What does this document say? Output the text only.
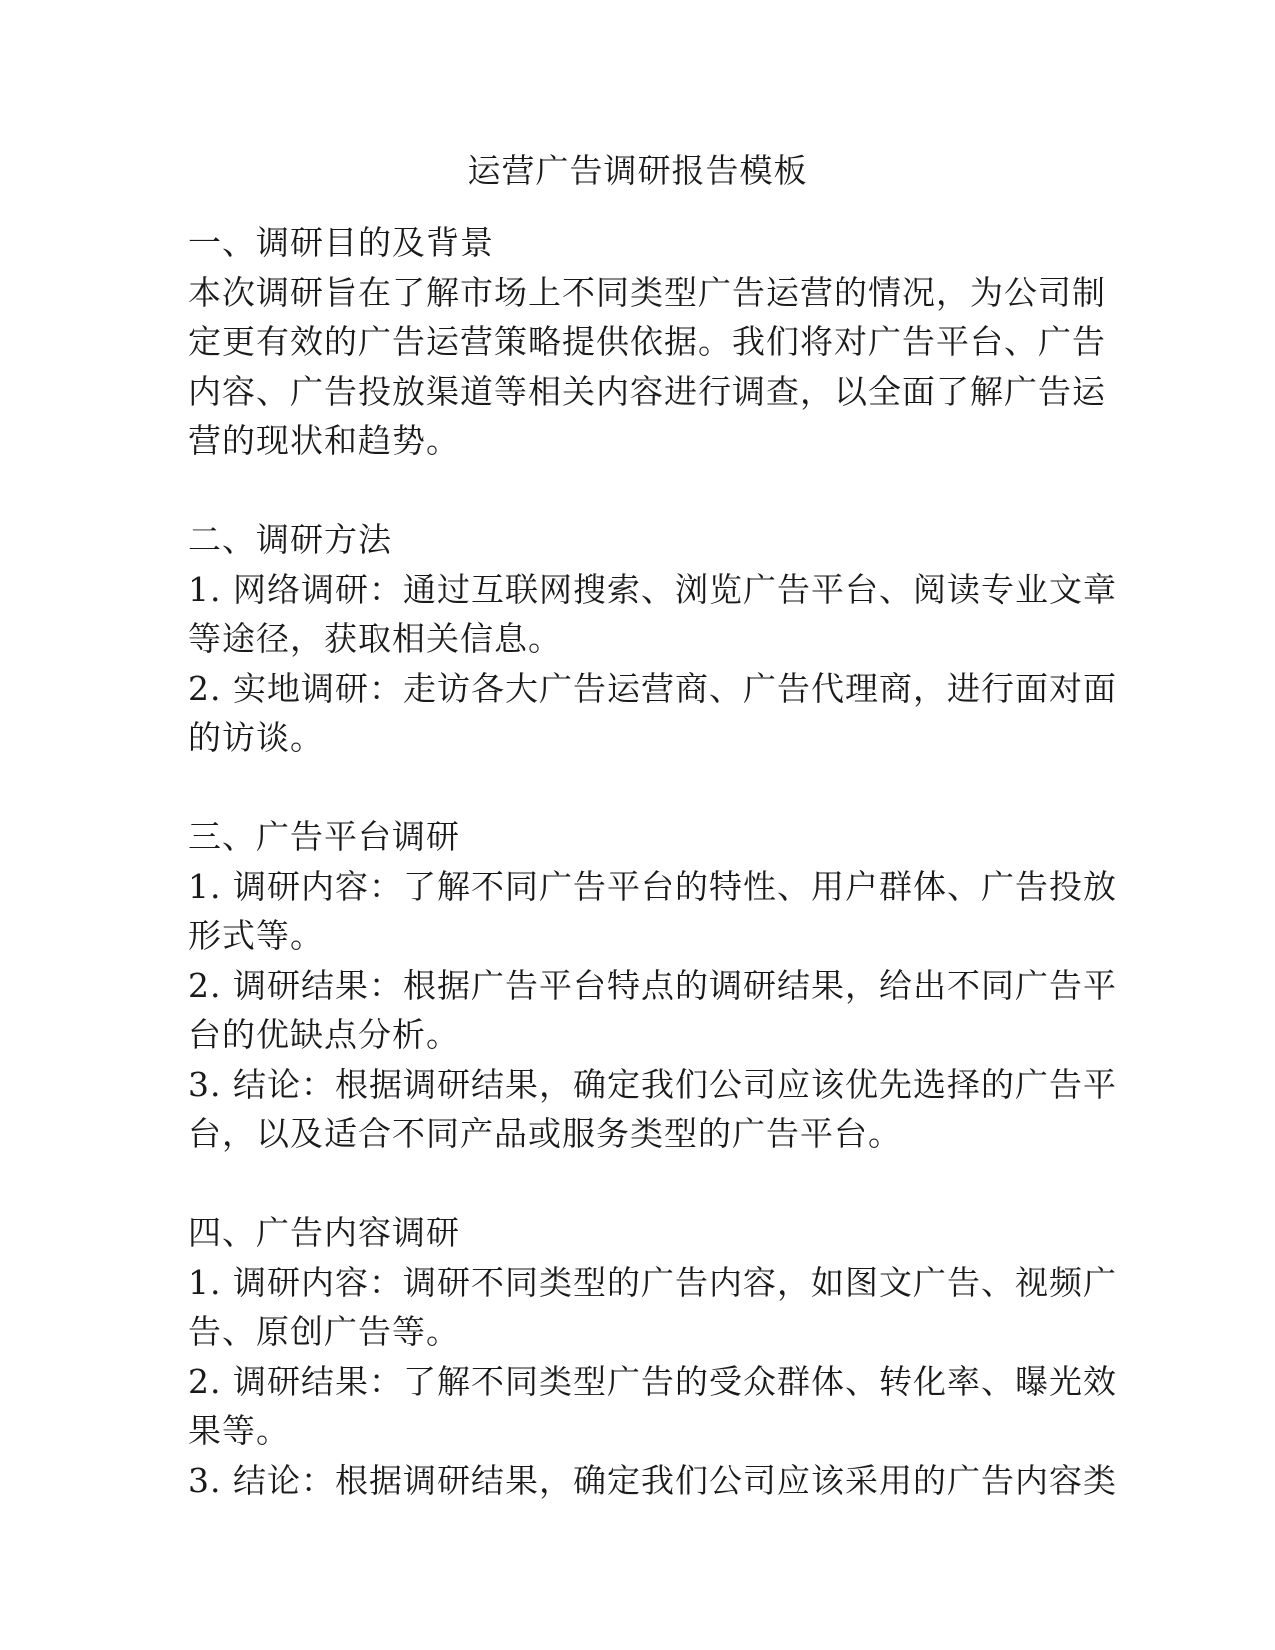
运营广告调研报告模板
一、调研目的及背景
本次调研旨在了解市场上不同类型广告运营的情况，为公司制
定更有效的广告运营策略提供依据。我们将对广告平台、广告
内容、广告投放渠道等相关内容进行调查，以全面了解广告运
营的现状和趋势。
二、调研方法
1. 网络调研：通过互联网搜索、浏览广告平台、阅读专业文章
等途径，获取相关信息。
2. 实地调研：走访各大广告运营商、广告代理商，进行面对面
的访谈。
三、广告平台调研
1. 调研内容：了解不同广告平台的特性、用户群体、广告投放
形式等。
2. 调研结果：根据广告平台特点的调研结果，给出不同广告平
台的优缺点分析。
3. 结论：根据调研结果，确定我们公司应该优先选择的广告平
台，以及适合不同产品或服务类型的广告平台。
四、广告内容调研
1. 调研内容：调研不同类型的广告内容，如图文广告、视频广
告、原创广告等。
2. 调研结果：了解不同类型广告的受众群体、转化率、曝光效
果等。
3. 结论：根据调研结果，确定我们公司应该采用的广告内容类
